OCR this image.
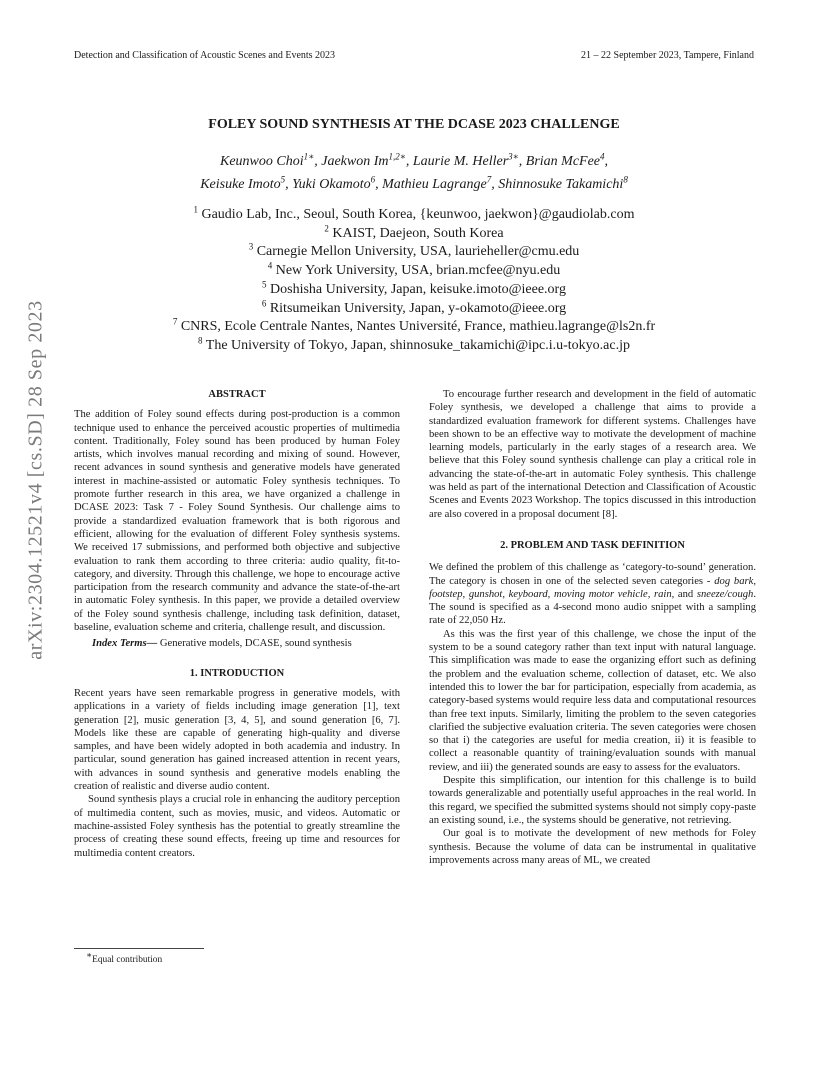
Detection and Classification of Acoustic Scenes and Events 2023	21 – 22 September 2023, Tampere, Finland
arXiv:2304.12521v4 [cs.SD] 28 Sep 2023
FOLEY SOUND SYNTHESIS AT THE DCASE 2023 CHALLENGE
Keunwoo Choi$^{1∗}$, Jaekwon $Im^{1,2∗}$, Laurie M. Heller$^{3∗}$, Brian McFee$^4$,
Keisuke Imoto$^5$, Yuki Okamoto$^6$, Mathieu Lagrange$^7$, Shinnosuke Takamichi$^8$
$^1$ Gaudio Lab, Inc., Seoul, South Korea, {keunwoo, jaekwon}@gaudiolab.com
$^2$ KAIST, Daejeon, South Korea
$^3$ Carnegie Mellon University, USA, laurieheller@cmu.edu
$^4$ New York University, USA, brian.mcfee@nyu.edu
$^5$ Doshisha University, Japan, keisuke.imoto@ieee.org
$^6$ Ritsumeikan University, Japan, y-okamoto@ieee.org
$^7$ CNRS, Ecole Centrale Nantes, Nantes Université, France, mathieu.lagrange@ls2n.fr
$^8$ The University of Tokyo, Japan, shinnosuke_takamichi@ipc.i.u-tokyo.ac.jp
ABSTRACT

The addition of Foley sound effects during post-production is a common technique used to enhance the perceived acoustic properties of multimedia content. Traditionally, Foley sound has been produced by human Foley artists, which involves manual recording and mixing of sound. However, recent advances in sound synthesis and generative models have generated interest in machine-assisted or automatic Foley synthesis techniques. To promote further research in this area, we have organized a challenge in DCASE 2023: Task 7 - Foley Sound Synthesis. Our challenge aims to provide a standardized evaluation framework that is both rigorous and efficient, allowing for the evaluation of different Foley synthesis systems. We received 17 submissions, and performed both objective and subjective evaluation to rank them according to three criteria: audio quality, fit-to-category, and diversity. Through this challenge, we hope to encourage active participation from the research community and advance the state-of-the-art in automatic Foley synthesis. In this paper, we provide a detailed overview of the Foley sound synthesis challenge, including task definition, dataset, baseline, evaluation scheme and criteria, challenge result, and discussion.

Index Terms— Generative models, DCASE, sound synthesis

1. INTRODUCTION

Recent years have seen remarkable progress in generative models, with applications in a variety of fields including image generation [1], text generation [2], music generation [3, 4, 5], and sound generation [6, 7]. Models like these are capable of generating high-quality and diverse samples, and have been widely adopted in both academia and industry. In particular, sound generation has gained increased attention in recent years, with advances in sound synthesis and generative models enabling the creation of realistic and diverse audio content.

Sound synthesis plays a crucial role in enhancing the auditory perception of multimedia content, such as movies, music, and videos. Automatic or machine-assisted Foley synthesis has the potential to greatly streamline the process of creating these sound effects, freeing up time and resources for multimedia content creators.

To encourage further research and development in the field of automatic Foley synthesis, we developed a challenge that aims to provide a standardized evaluation framework for different systems. Challenges have been shown to be an effective way to motivate the development of machine learning models, particularly in the early stages of a research area. We believe that this Foley sound synthesis challenge can play a critical role in advancing the state-of-the-art in automatic Foley synthesis. This challenge was held as part of the international Detection and Classification of Acoustic Scenes and Events 2023 Workshop. The topics discussed in this introduction are also covered in a proposal document [8].

2. PROBLEM AND TASK DEFINITION

We defined the problem of this challenge as ‘category-to-sound’ generation. The category is chosen in one of the selected seven categories - dog bark, footstep, gunshot, keyboard, moving motor vehicle, rain, and sneeze/cough. The sound is specified as a 4-second mono audio snippet with a sampling rate of 22,050 Hz.

As this was the first year of this challenge, we chose the input of the system to be a sound category rather than text input with natural language. This simplification was made to ease the organizing effort such as defining the problem and the evaluation scheme, collection of dataset, etc. We also intended this to lower the bar for participation, especially from academia, as category-based systems would require less data and computational resources than free text inputs. Similarly, limiting the problem to the seven categories clarified the subjective evaluation criteria. The seven categories were chosen so that i) the categories are useful for media creation, ii) it is feasible to collect a reasonable quantity of training/evaluation sounds with manual review, and iii) the generated sounds are easy to assess for the evaluators.

Despite this simplification, our intention for this challenge is to build towards generalizable and potentially useful approaches in the real world. In this regard, we specified the submitted systems should not simply copy-paste an existing sound, i.e., the systems should be generative, not retrieving.

Our goal is to motivate the development of new methods for Foley synthesis. Because the volume of data can be instrumental in qualitative improvements across many areas of ML, we created

∗Equal contribution
